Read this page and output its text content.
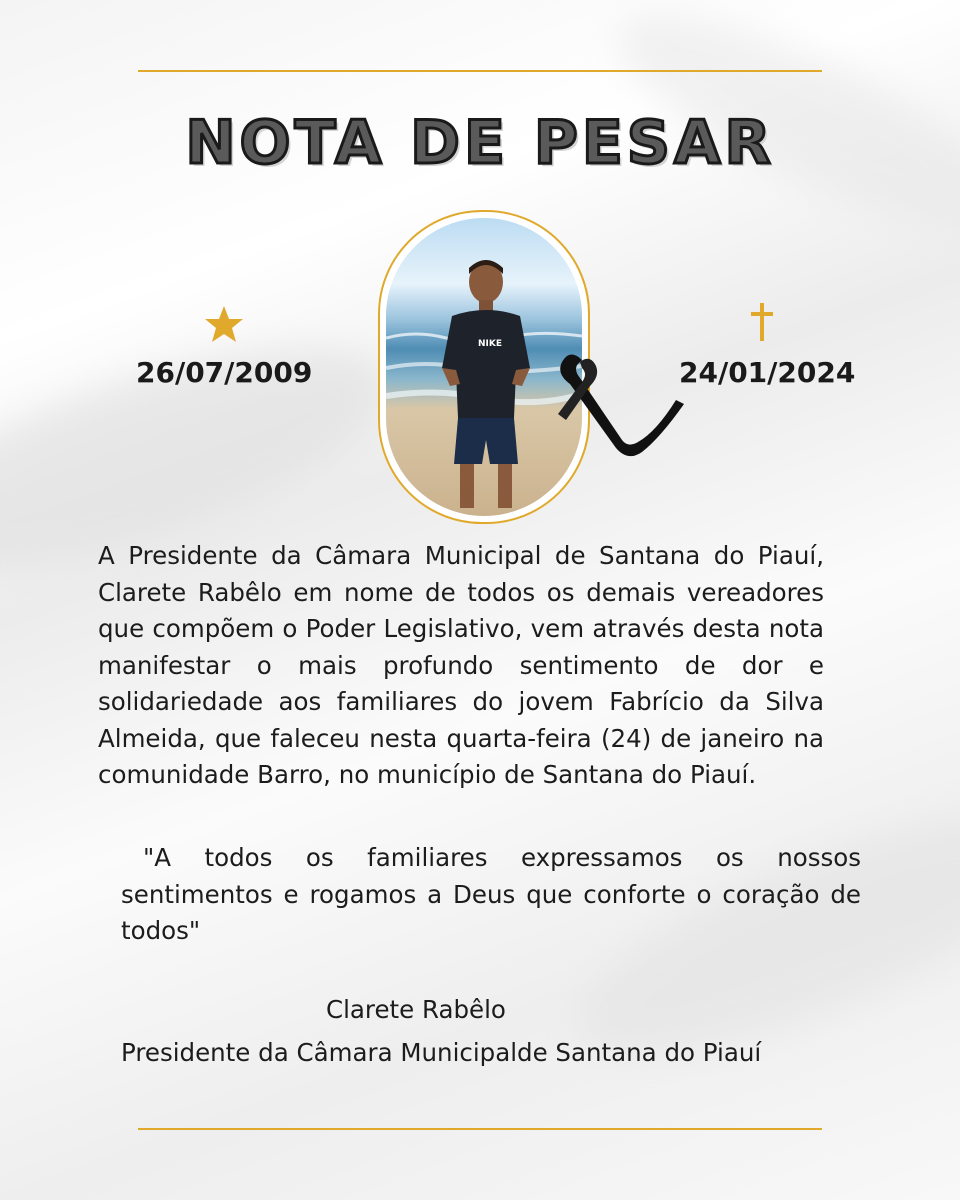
NOTA DE PESAR
26/07/2009	24/01/2024
NIKE
A Presidente da Câmara Municipal de Santana do Piauí, Clarete Rabêlo em nome de todos os demais vereadores que compõem o Poder Legislativo, vem através desta nota manifestar o mais profundo sentimento de dor e solidariedade aos familiares do jovem Fabrício da Silva Almeida, que faleceu nesta quarta-feira (24) de janeiro na comunidade Barro, no município de Santana do Piauí.
"A todos os familiares expressamos os nossos sentimentos e rogamos a Deus que conforte o coração de todos"
Clarete Rabêlo
Presidente da Câmara Municipalde Santana do Piauí
